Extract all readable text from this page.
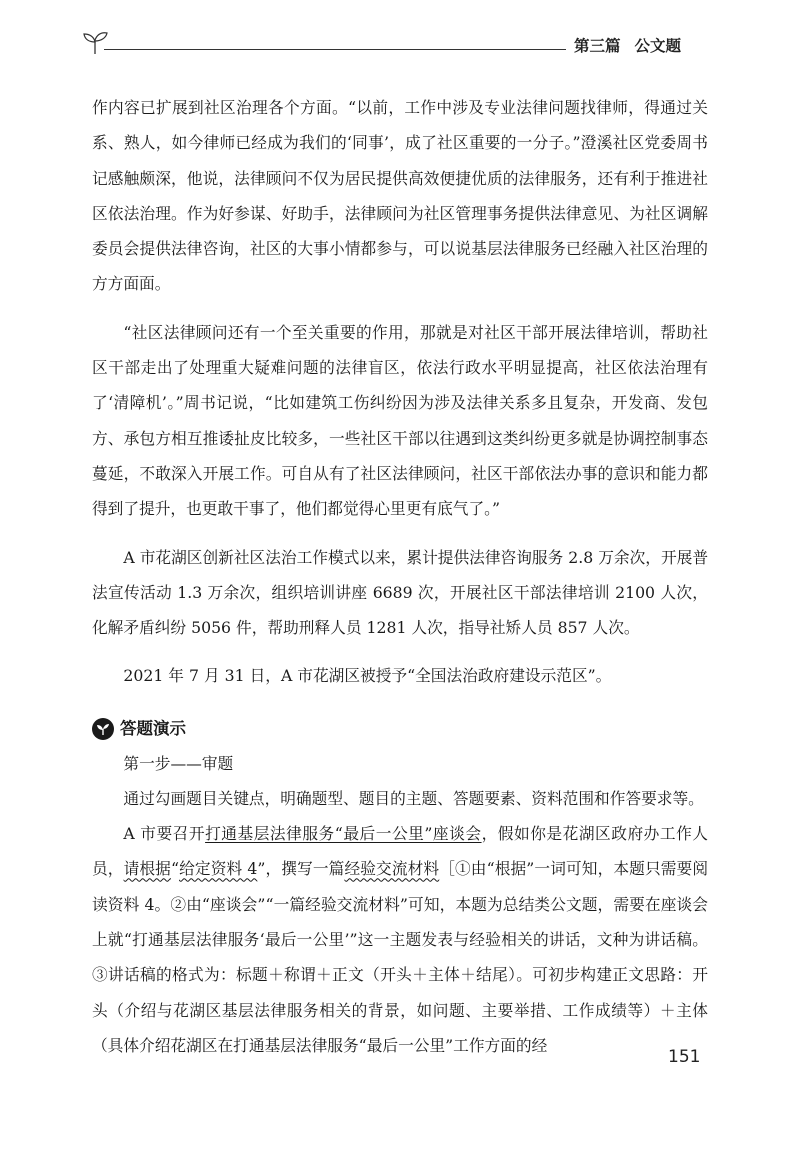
第三篇 公文题

作内容已扩展到社区治理各个方面。“以前，工作中涉及专业法律问题找律师，得通过关系、熟人，如今律师已经成为我们的‘同事’，成了社区重要的一分子。”澄溪社区党委周书记感触颇深，他说，法律顾问不仅为居民提供高效便捷优质的法律服务，还有利于推进社区依法治理。作为好参谋、好助手，法律顾问为社区管理事务提供法律意见、为社区调解委员会提供法律咨询，社区的大事小情都参与，可以说基层法律服务已经融入社区治理的方方面面。

“社区法律顾问还有一个至关重要的作用，那就是对社区干部开展法律培训，帮助社区干部走出了处理重大疑难问题的法律盲区，依法行政水平明显提高，社区依法治理有了‘清障机’。”周书记说，“比如建筑工伤纠纷因为涉及法律关系多且复杂，开发商、发包方、承包方相互推诿扯皮比较多，一些社区干部以往遇到这类纠纷更多就是协调控制事态蔓延，不敢深入开展工作。可自从有了社区法律顾问，社区干部依法办事的意识和能力都得到了提升，也更敢干事了，他们都觉得心里更有底气了。”

A 市花湖区创新社区法治工作模式以来，累计提供法律咨询服务 2.8 万余次，开展普法宣传活动 1.3 万余次，组织培训讲座 6689 次，开展社区干部法律培训 2100 人次，化解矛盾纠纷 5056 件，帮助刑释人员 1281 人次，指导社矫人员 857 人次。

2021 年 7 月 31 日，A 市花湖区被授予“全国法治政府建设示范区”。

答题演示
第一步——审题

通过勾画题目关键点，明确题型、题目的主题、答题要素、资料范围和作答要求等。

A 市要召开打通基层法律服务“最后一公里”座谈会，假如你是花湖区政府办工作人员，请根据“给定资料 4”，撰写一篇经验交流材料［①由“根据”一词可知，本题只需要阅读资料 4。②由“座谈会”“一篇经验交流材料”可知，本题为总结类公文题，需要在座谈会上就“打通基层法律服务‘最后一公里’”这一主题发表与经验相关的讲话，文种为讲话稿。③讲话稿的格式为：标题＋称谓＋正文（开头＋主体＋结尾）。可初步构建正文思路：开头（介绍与花湖区基层法律服务相关的背景，如问题、主要举措、工作成绩等）＋主体（具体介绍花湖区在打通基层法律服务“最后一公里”工作方面的经

151
